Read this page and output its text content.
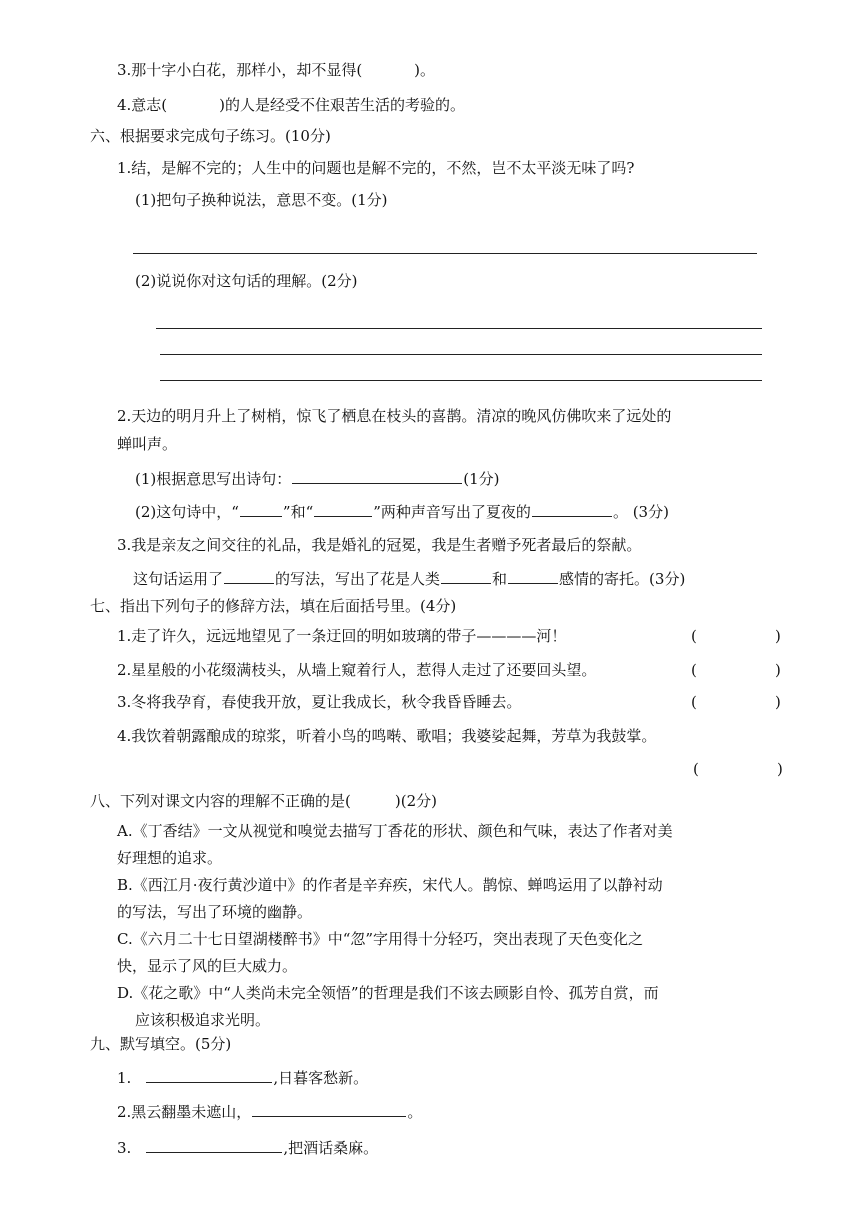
3.那十字小白花，那样小，却不显得(	)。
4.意志(	)的人是经受不住艰苦生活的考验的。
六、根据要求完成句子练习。(10分)
1.结，是解不完的；人生中的问题也是解不完的，不然，岂不太平淡无味了吗?
(1)把句子换种说法，意思不变。(1分)
(2)说说你对这句话的理解。(2分)
2.天边的明月升上了树梢，惊飞了栖息在枝头的喜鹊。清凉的晚风仿佛吹来了远处的
蝉叫声。
(1)根据意思写出诗句：	(1分)
(2)这句诗中，“	”和“	”两种声音写出了夏夜的	。 (3分)
3.我是亲友之间交往的礼品，我是婚礼的冠冕，我是生者赠予死者最后的祭献。
这句话运用了	的写法，写出了花是人类	和	感情的寄托。(3分)
七、指出下列句子的修辞方法，填在后面括号里。(4分)
1.走了许久，远远地望见了一条迂回的明如玻璃的带子————河！	(	)
2.星星般的小花缀满枝头，从墙上窥着行人，惹得人走过了还要回头望。	(	)
3.冬将我孕育，春使我开放，夏让我成长，秋令我昏昏睡去。	(	)
4.我饮着朝露酿成的琼浆，听着小鸟的鸣啭、歌唱；我婆娑起舞，芳草为我鼓掌。
(	)
八、下列对课文内容的理解不正确的是(	)(2分)
A.《丁香结》一文从视觉和嗅觉去描写丁香花的形状、颜色和气味，表达了作者对美
好理想的追求。
B.《西江月·夜行黄沙道中》的作者是辛弃疾，宋代人。鹊惊、蝉鸣运用了以静衬动
的写法，写出了环境的幽静。
C.《六月二十七日望湖楼醉书》中“忽”字用得十分轻巧，突出表现了天色变化之
快，显示了风的巨大威力。
D.《花之歌》中“人类尚未完全领悟”的哲理是我们不该去顾影自怜、孤芳自赏，而
应该积极追求光明。
九、默写填空。(5分)
1.	,日暮客愁新。
2.黑云翻墨未遮山，	。
3.	,把酒话桑麻。
